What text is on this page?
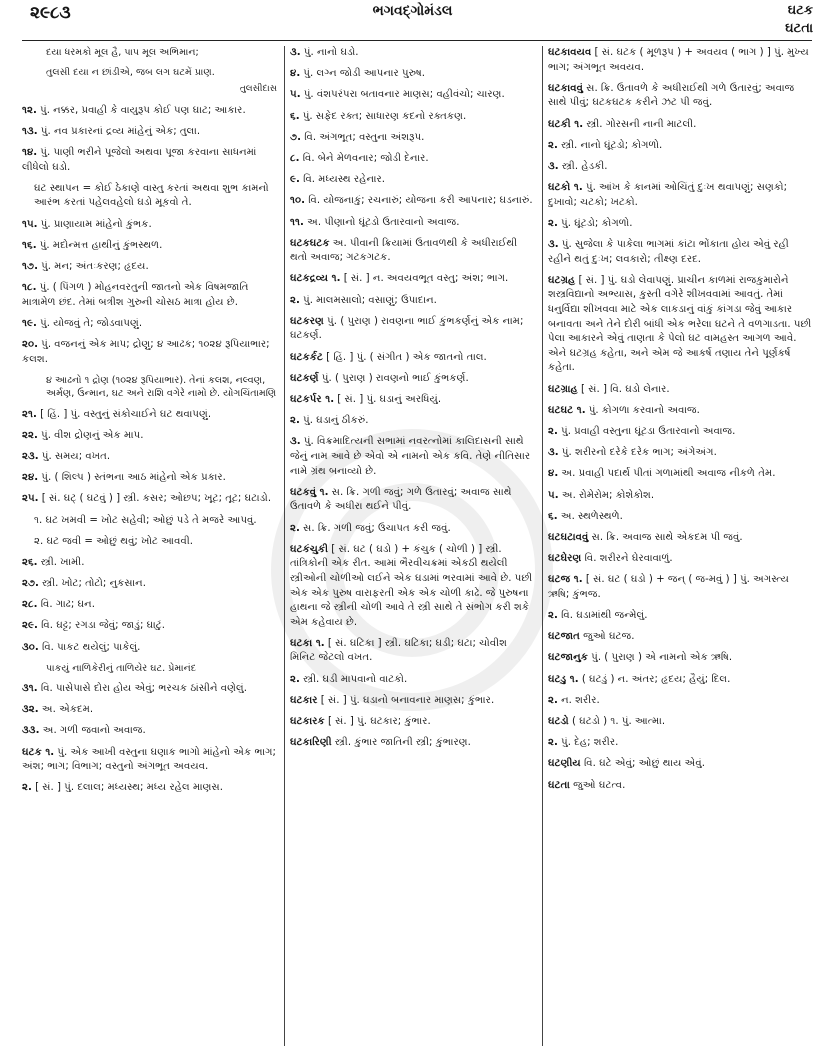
૨૯૮૩	ભગવદ્ગોમંડલ	ઘટક
ઘટતા
દયા ધરમકો મૂલ હૈ, પાપ મૂલ અભિમાન;
તુલસી દયા ન છાંડીએ, જબ લગ ઘટમેં પ્રાણ.
તુલસીદાસ
૧૨. પું. નક્કર, પ્રવાહી કે વાયુરૂપ કોઈ પણ ઘાટ; આકાર.
૧૩. પું. નવ પ્રકારનાં દ્રવ્ય માંહેનું એક; તુલા.
૧૪. પું. પાણી ભરીને પૂજેલો અથવા પૂજા કરવાના સાધનમાં લીધેલો ઘડો.
ઘટ સ્થાપન = કોઈ ઠેકાણે વાસ્તુ કરતાં અથવા શુભ કામનો આરંભ કરતાં પહેલવહેલો ઘડો મૂકવો તે.
૧૫. પું. પ્રાણાયામ માંહેનો કુંભક.
૧૬. પું. મદોન્મત્ત હાથીનું કુંભસ્થળ.
૧૭. પું. મન; અંતઃકરણ; હૃદય.
૧૮. પું. ( પિંગળ ) મોહનવરતુની જાતનો એક વિષમજાતિ માત્રામેળ છંદ. તેમાં બત્રીશ ગુરુની ચોસઠ માત્રા હોય છે.
૧૯. પું. યોજવું તે; જોડવાપણું.
૨૦. પું. વજનનું એક માપ; દ્રોણુ; ૪ આઢક; ૧૦૨૪ રૂપિયાભાર; કલશ.
૪ આઢનો ૧ દ્રોણ (૧૦૨૪ રૂપિયાભાર). તેનાં કલશ, નલ્વણ, અર્મણ, ઉન્માન, ઘટ અને રાશિ વગેરે નામો છે. યોગચિંતામણિ
૨૧. [ હિં. ] પું. વસ્તુનું સંકોચાઈને ઘટ થવાપણું.
૨૨. પું. વીશ દ્રોણનું એક માપ.
૨૩. પું. સમય; વખત.
૨૪. પું. ( શિલ્પ ) સ્તંભના આઠ માંહેનો એક પ્રકાર.
૨૫. [ સં. ઘટ્ ( ઘટવું ) ] સ્ત્રી. કસર; ઓછપ; ખૂટ; તૂટ; ઘટાડો.
૧. ઘટ ખમવી = ખોટ સહેવી; ઓછું પડે તે મજરે આપવું.
૨. ઘટ જવી = ઓછું થવું; ખોટ આવવી.
૨૬. સ્ત્રી. ખામી.
૨૭. સ્ત્રી. ખોટ; તોટો; નુકસાન.
૨૮. વિ. ગાઢ; ઘન.
૨૯. વિ. ઘટ્ટ; રગડા જેવું; જાડું; ઘાટું.
૩૦. વિ. પાકટ થયેલું; પાકેલું.
પાકયું નાળિકેરીનું તાળિયેર ઘટ. પ્રેમાનંદ
૩૧. વિ. પાસેપાસે દોરા હોય એવું; ભરચક ઠાંસીને વણેલું.
૩૨. અ. એકદમ.
૩૩. અ. ગળી જવાનો અવાજ.
ઘટક ૧. પું. એક આખી વસ્તુના ઘણાક ભાગો માંહેનો એક ભાગ; અંશ; ભાગ; વિભાગ; વસ્તુનો અંગભૂત અવયવ.
૨. [ સં. ] પું. દલાલ; મધ્યસ્થ; મધ્ય રહેલ માણસ.
૩. પું. નાનો ઘડો.
૪. પું. લગ્ન જોડી આપનાર પુરુષ.
૫. પું. વંશપરંપરા બતાવનાર માણસ; વહીવંચો; ચારણ.
૬. પું. સફેદ રક્ત; સાધારણ કદનો રક્તકણ.
૭. વિ. અંગભૂત; વસ્તુના અંશરૂપ.
૮. વિ. બેને મેળવનાર; જોડી દેનાર.
૯. વિ. મધ્યસ્થ રહેનાર.
૧૦. વિ. યોજનાકું; રચનારું; યોજના કરી આપનાર; ઘડનારું.
૧૧. અ. પીણાનો ઘૂંટડો ઉતારવાનો અવાજ.
ઘટકઘટક અ. પીવાની ક્રિયામાં ઉતાવળથી કે અધીરાઈથી થતો અવાજ; ગટકગટક.
ઘટકદ્રવ્ય ૧. [ સં. ] ન. અવયવભૂત વસ્તુ; અંશ; ભાગ.
૨. પું. માલમસાલો; વસાણું; ઉપાદાન.
ઘટકરણ પું. ( પુરાણ ) રાવણના ભાઈ કુંભકર્ણનું એક નામ; ઘટકર્ણ.
ઘટકર્કટ [ હિં. ] પું. ( સંગીત ) એક જાતનો તાલ.
ઘટકર્ણ પું. ( પુરાણ ) રાવણનો ભાઈ કુંભકર્ણ.
ઘટકર્પર ૧. [ સં. ] પું. ઘડાનું અરધિયું.
૨. પું. ઘડાનું ઠીકરું.
૩. પું. વિક્રમાદિત્યની સભામાં નવરત્નોમાં કાલિદાસની સાથે જેનું નામ આવે છે એવો એ નામનો એક કવિ. તેણે નીતિસાર નામે ગ્રંથ બનાવ્યો છે.
ઘટકવું ૧. સ. ક્રિ. ગળી જવું; ગળે ઉતારવું; અવાજ સાથે ઉતાવળે કે અધીરા થઈને પીવું.
૨. સ. ક્રિ. ગળી જવું; ઉચાપત કરી જવું.
ઘટકંચુકી [ સં. ઘટ ( ઘડો ) + કંચુક ( ચોળી ) ] સ્ત્રી. તાંત્રિકોની એક રીત. આમાં ભૈરવીચક્રમાં એકઠી થયેલી સ્ત્રીઓની ચોળીઓ લઈને એક ઘડામાં ભરવામાં આવે છે. પછી એક એક પુરુષ વારાફરતી એક એક ચોળી કાઢે. જે પુરુષના હાથના જે સ્ત્રીની ચોળી આવે તે સ્ત્રી સાથે તે સંભોગ કરી શકે એમ કહેવાય છે.
ઘટકા ૧. [ સં. ઘટિકા ] સ્ત્રી. ઘટિકા; ઘડી; ઘટા; ચોવીશ મિનિટ જેટલો વખત.
૨. સ્ત્રી. ઘડી માપવાનો વાટકો.
ઘટકાર [ સં. ] પું. ઘડાનો બનાવનાર માણસ; કુંભાર.
ઘટકારક [ સં. ] પું. ઘટકાર; કુંભાર.
ઘટકારિણી સ્ત્રી. કુંભાર જાતિની સ્ત્રી; કુંભારણ.
ઘટકાવયવ [ સં. ઘટક ( મૂળરૂપ ) + અવયવ ( ભાગ ) ] પું. મુખ્ય ભાગ; અંગભૂત અવયવ.
ઘટકાવવું સ. ક્રિ. ઉતાવળે કે અધીરાઈથી ગળે ઉતારવું; અવાજ સાથે પીવું; ઘટકઘટક કરીને ઝટ પી જવું.
ઘટકી ૧. સ્ત્રી. ગોરસની નાની માટલી.
૨. સ્ત્રી. નાનો ઘૂંટડો; કોગળો.
૩. સ્ત્રી. હેડકી.
ઘટકો ૧. પું. આંખ કે કાનમાં ઓચિંતું દુઃખ થવાપણું; સણકો; દુખાવો; ચટકો; ખટકો.
૨. પું. ઘૂંટડો; કોગળો.
૩. પું. સુજેલા કે પાકેલા ભાગમાં કાંટા ભોંકાતા હોય એવું રહી રહીને થતું દુઃખ; લવકારો; તીક્ષ્ણ દરદ.
ઘટગ્રહ [ સં. ] પું. ઘડો લેવાપણું. પ્રાચીન કાળમાં રાજકુમારોને શસ્ત્રવિદ્યાનો અભ્યાસ, કુસ્તી વગેરે શીખવવામાં આવતું. તેમાં ધનુર્વિદ્યા શીખવવા માટે એક લાકડાનું વાંકું કાંગડા જેવું આકાર બનાવતા અને તેને દોરી બાંધી એક ભરેલા ઘટને તે વળગાડતા. પછી પેલા આકારને એવું તાણતા કે પેલો ઘટ વામહસ્ત આગળ આવે. એને ઘટગ્રહ કહેતા, અને એમ જે આકર્ષ તણાય તેને પૂર્ણકર્ષ કહેતા.
ઘટગ્રાહ [ સં. ] વિ. ઘડો લેનાર.
ઘટઘટ ૧. પું. કોગળા કરવાનો અવાજ.
૨. પું. પ્રવાહી વસ્તુના ઘૂંટડા ઉતારવાનો અવાજ.
૩. પું. શરીરનો દરેકે દરેક ભાગ; અંગેઅંગ.
૪. અ. પ્રવાહી પદાર્થ પીતાં ગળામાંથી અવાજ નીકળે તેમ.
૫. અ. રોમેરોમ; કોશેકોશ.
૬. અ. સ્થળેસ્થળે.
ઘટઘટાવવું સ. ક્રિ. અવાજ સાથે એકદમ પી જવું.
ઘટઘેરણ વિ. શરીરને ઘેરવાવાળું.
ઘટજ ૧. [ સં. ઘટ ( ઘડો ) + જન્ ( જ-મવું ) ] પું. અગસ્ત્ય ઋષિ; કુંભજ.
૨. વિ. ઘડામાંથી જન્મેલું.
ઘટજાત જુઓ ઘટજ.
ઘટજાનુક પું. ( પુરાણ ) એ નામનો એક ઋષિ.
ઘટડુ ૧. ( ઘટડું ) ન. અંતર; હૃદય; હૈયું; દિલ.
૨. ન. શરીર.
ઘટડો ( ઘટડો ) ૧. પું. આત્મા.
૨. પું. દેહ; શરીર.
ઘટણીય વિ. ઘટે એવું; ઓછું થાય એવું.
ઘટતા જુઓ ઘટત્વ.
